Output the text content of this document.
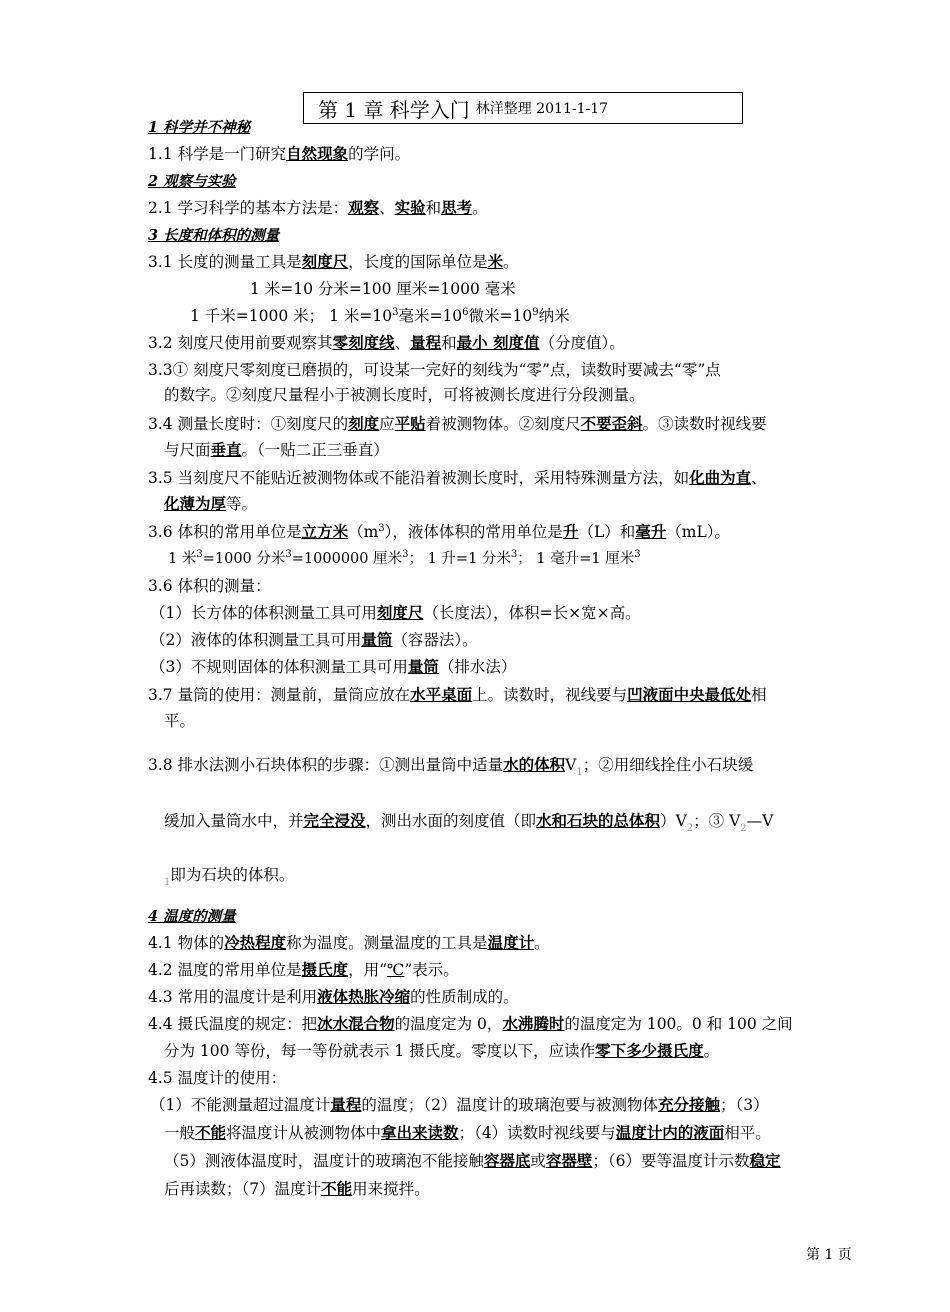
第 1 章 科学入门 林洋整理 2011-1-17
1 科学并不神秘
1.1 科学是一门研究自然现象的学问。
2 观察与实验
2.1 学习科学的基本方法是：观察、实验和思考。
3 长度和体积的测量
3.1 长度的测量工具是刻度尺，长度的国际单位是米。
1 米=10 分米=100 厘米=1000 毫米
1 千米=1000 米； 1 米$=10^3$毫米$=10^6$微米$=10^9$纳米
3.2 刻度尺使用前要观察其零刻度线、量程和最小 刻度值（分度值）。
3.3① 刻度尺零刻度已磨损的，可设某一完好的刻线为“零”点，读数时要减去“零”点
的数字。②刻度尺量程小于被测长度时，可将被测长度进行分段测量。
3.4 测量长度时：①刻度尺的刻度应平贴着被测物体。②刻度尺不要歪斜。③读数时视线要
与尺面垂直。（一贴二正三垂直）
3.5 当刻度尺不能贴近被测物体或不能沿着被测长度时，采用特殊测量方法，如化曲为直、
化薄为厚等。
3.6 体积的常用单位是立方米$(m^3)$，液体体积的常用单位是升（L）和毫升（mL）。
1 米$^3$=1000 分米$^3$=1000000 厘米$^3$； 1 升=1 分米$^3$； 1 毫升=1 厘米$^3$
3.6 体积的测量：
（1）长方体的体积测量工具可用刻度尺（长度法），体积=长×宽×高。
（2）液体的体积测量工具可用量筒（容器法）。
（3）不规则固体的体积测量工具可用量筒（排水法）
3.7 量筒的使用：测量前，量筒应放在水平桌面上。读数时，视线要与凹液面中央最低处相
平。
3.8 排水法测小石块体积的步骤：①测出量筒中适量水的体积$V_1$；②用细线拴住小石块缓
缓加入量筒水中，并完全浸没，测出水面的刻度值（即水和石块的总体积）$V_2$；③ $V_2—V$
$_1$即为石块的体积。
4 温度的测量
4.1 物体的冷热程度称为温度。测量温度的工具是温度计。
4.2 温度的常用单位是摄氏度，用“℃”表示。
4.3 常用的温度计是利用液体热胀冷缩的性质制成的。
4.4 摄氏温度的规定：把冰水混合物的温度定为 0，水沸腾时的温度定为 100。0 和 100 之间
分为 100 等份，每一等份就表示 1 摄氏度。零度以下，应读作零下多少摄氏度。
4.5 温度计的使用：
（1）不能测量超过温度计量程的温度；（2）温度计的玻璃泡要与被测物体充分接触；（3）
一般不能将温度计从被测物体中拿出来读数；（4）读数时视线要与温度计内的液面相平。
（5）测液体温度时，温度计的玻璃泡不能接触容器底或容器壁；（6）要等温度计示数稳定
后再读数；（7）温度计不能用来搅拌。
第 1 页
